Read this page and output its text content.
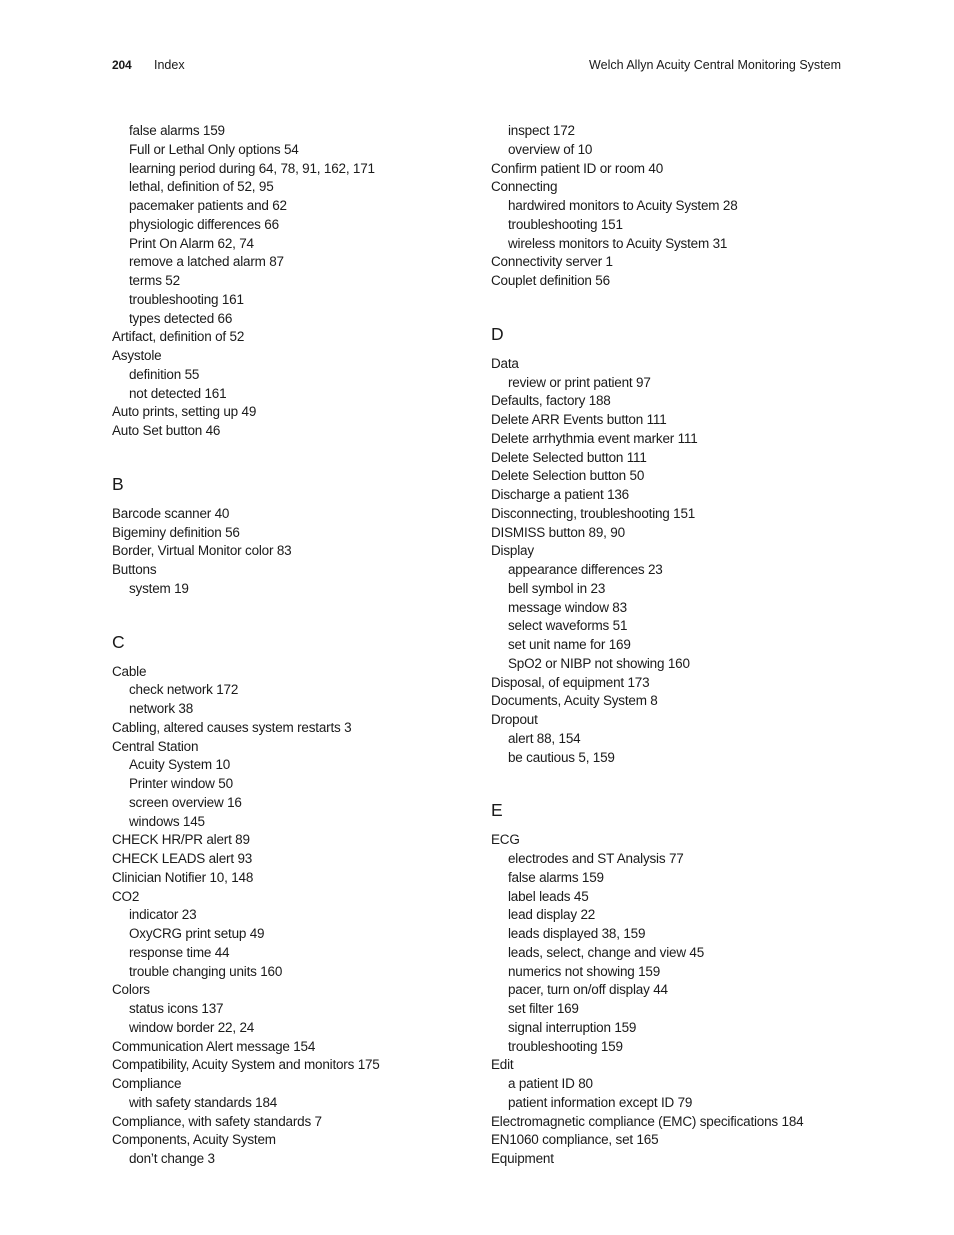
204 Index	Welch Allyn Acuity Central Monitoring System
false alarms 159
Full or Lethal Only options 54
learning period during 64, 78, 91, 162, 171
lethal, definition of 52, 95
pacemaker patients and 62
physiologic differences 66
Print On Alarm 62, 74
remove a latched alarm 87
terms 52
troubleshooting 161
types detected 66
Artifact, definition of 52
Asystole
definition 55
not detected 161
Auto prints, setting up 49
Auto Set button 46
B
Barcode scanner 40
Bigeminy definition 56
Border, Virtual Monitor color 83
Buttons
system 19
C
Cable
check network 172
network 38
Cabling, altered causes system restarts 3
Central Station
Acuity System 10
Printer window 50
screen overview 16
windows 145
CHECK HR/PR alert 89
CHECK LEADS alert 93
Clinician Notifier 10, 148
CO2
indicator 23
OxyCRG print setup 49
response time 44
trouble changing units 160
Colors
status icons 137
window border 22, 24
Communication Alert message 154
Compatibility, Acuity System and monitors 175
Compliance
with safety standards 184
Compliance, with safety standards 7
Components, Acuity System
don’t change 3
inspect 172
overview of 10
Confirm patient ID or room 40
Connecting
hardwired monitors to Acuity System 28
troubleshooting 151
wireless monitors to Acuity System 31
Connectivity server 1
Couplet definition 56
D
Data
review or print patient 97
Defaults, factory 188
Delete ARR Events button 111
Delete arrhythmia event marker 111
Delete Selected button 111
Delete Selection button 50
Discharge a patient 136
Disconnecting, troubleshooting 151
DISMISS button 89, 90
Display
appearance differences 23
bell symbol in 23
message window 83
select waveforms 51
set unit name for 169
SpO2 or NIBP not showing 160
Disposal, of equipment 173
Documents, Acuity System 8
Dropout
alert 88, 154
be cautious 5, 159
E
ECG
electrodes and ST Analysis 77
false alarms 159
label leads 45
lead display 22
leads displayed 38, 159
leads, select, change and view 45
numerics not showing 159
pacer, turn on/off display 44
set filter 169
signal interruption 159
troubleshooting 159
Edit
a patient ID 80
patient information except ID 79
Electromagnetic compliance (EMC) specifications 184
EN1060 compliance, set 165
Equipment
